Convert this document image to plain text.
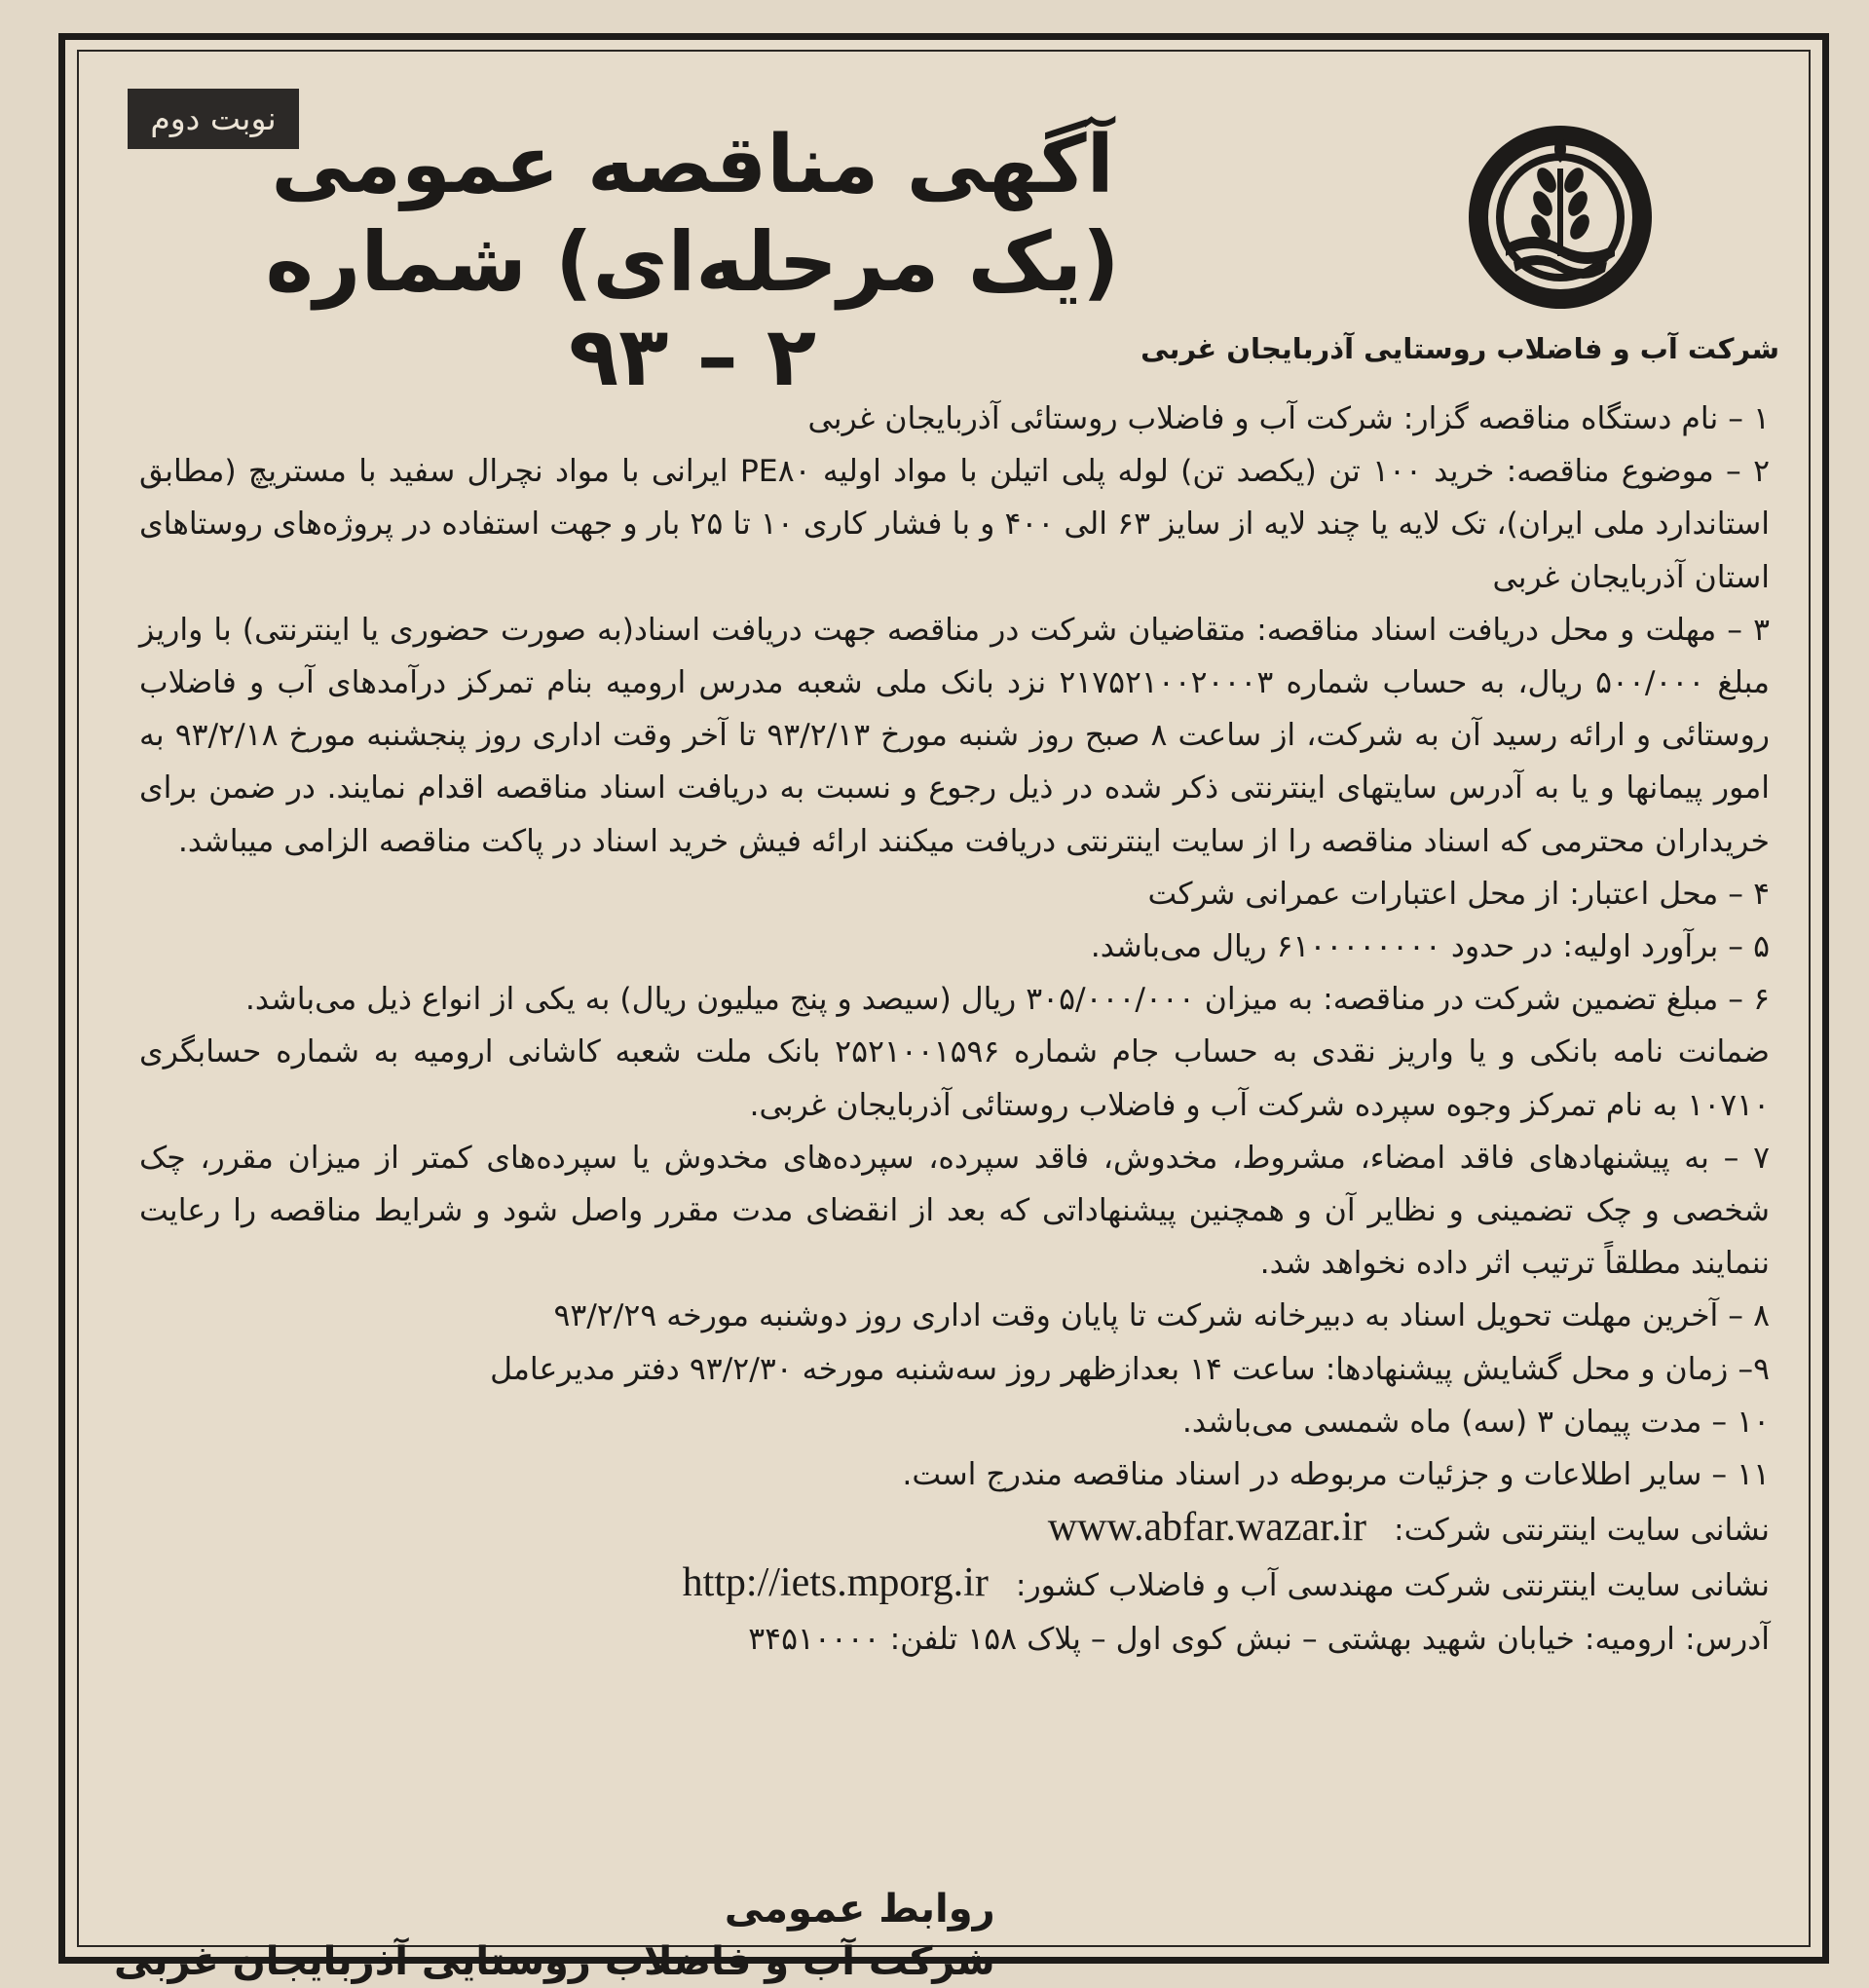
نوبت دوم
آگهی مناقصه عمومی
(یک مرحله‌ای) شماره ۲ – ۹۳	شرکت آب و فاضلاب روستایی آذربایجان غربی

۱ – نام دستگاه مناقصه گزار: شرکت آب و فاضلاب روستائی آذربایجان غربی

۲ – موضوع مناقصه: خرید ۱۰۰ تن (یکصد تن) لوله پلی اتیلن با مواد اولیه PE۸۰ ایرانی با مواد نچرال سفید با مستریچ (مطابق استاندارد ملی ایران)، تک لایه یا چند لایه از سایز ۶۳ الی ۴۰۰ و با فشار کاری ۱۰ تا ۲۵ بار و جهت استفاده در پروژه‌های روستاهای استان آذربایجان غربی

۳ – مهلت و محل دریافت اسناد مناقصه: متقاضیان شرکت در مناقصه جهت دریافت اسناد(به صورت حضوری یا اینترنتی) با واریز مبلغ ۵۰۰/۰۰۰ ریال، به حساب شماره ۲۱۷۵۲۱۰۰۲۰۰۰۳ نزد بانک ملی شعبه مدرس ارومیه بنام تمرکز درآمدهای آب و فاضلاب روستائی و ارائه رسید آن به شرکت، از ساعت ۸ صبح روز شنبه مورخ ۹۳/۲/۱۳ تا آخر وقت اداری روز پنجشنبه مورخ ۹۳/۲/۱۸ به امور پیمانها و یا به آدرس سایتهای اینترنتی ذکر شده در ذیل رجوع و نسبت به دریافت اسناد مناقصه اقدام نمایند. در ضمن برای خریداران محترمی که اسناد مناقصه را از سایت اینترنتی دریافت میکنند ارائه فیش خرید اسناد در پاکت مناقصه الزامی میباشد.

۴ – محل اعتبار: از محل اعتبارات عمرانی شرکت

۵ – برآورد اولیه: در حدود ۶۱۰۰۰۰۰۰۰۰ ریال می‌باشد.

۶ – مبلغ تضمین شرکت در مناقصه: به میزان ۳۰۵/۰۰۰/۰۰۰ ریال (سیصد و پنج میلیون ریال) به یکی از انواع ذیل می‌باشد.

ضمانت نامه بانکی و یا واریز نقدی به حساب جام شماره ۲۵۲۱۰۰۱۵۹۶ بانک ملت شعبه کاشانی ارومیه به شماره حسابگری ۱۰۷۱۰ به نام تمرکز وجوه سپرده شرکت آب و فاضلاب روستائی آذربایجان غربی.

۷ – به پیشنهادهای فاقد امضاء، مشروط، مخدوش، فاقد سپرده، سپرده‌های مخدوش یا سپرده‌های کمتر از میزان مقرر، چک شخصی و چک تضمینی و نظایر آن و همچنین پیشنهاداتی که بعد از انقضای مدت مقرر واصل شود و شرایط مناقصه را رعایت ننمایند مطلقاً ترتیب اثر داده نخواهد شد.

۸ – آخرین مهلت تحویل اسناد به دبیرخانه شرکت تا پایان وقت اداری روز دوشنبه مورخه ۹۳/۲/۲۹

۹– زمان و محل گشایش پیشنهادها: ساعت ۱۴ بعدازظهر روز سه‌شنبه مورخه ۹۳/۲/۳۰ دفتر مدیرعامل

۱۰ – مدت پیمان ۳ (سه) ماه شمسی می‌باشد.

۱۱ – سایر اطلاعات و جزئیات مربوطه در اسناد مناقصه مندرج است.

نشانی سایت اینترنتی شرکت: www.abfar.wazar.ir

نشانی سایت اینترنتی شرکت مهندسی آب و فاضلاب کشور: http://iets.mporg.ir

آدرس: ارومیه: خیابان شهید بهشتی – نبش کوی اول – پلاک ۱۵۸ تلفن: ۳۴۵۱۰۰۰۰

روابط عمومی
شرکت آب و فاضلاب روستایی آذربایجان غربی
